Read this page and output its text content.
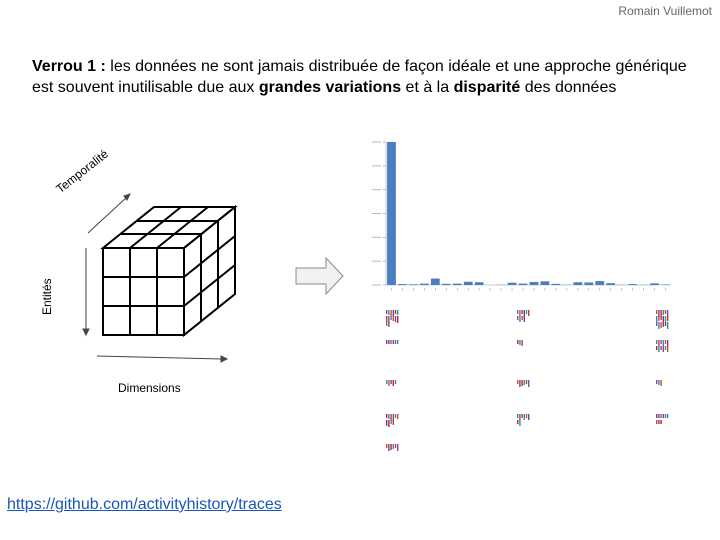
Romain Vuillemot
Verrou 1 : les données ne sont jamais distribuée de façon idéale et une approche générique est souvent inutilisable due aux grandes variations et à la disparité des données
Temporalité
Entités
Dimensions
https://github.com/activityhistory/traces
